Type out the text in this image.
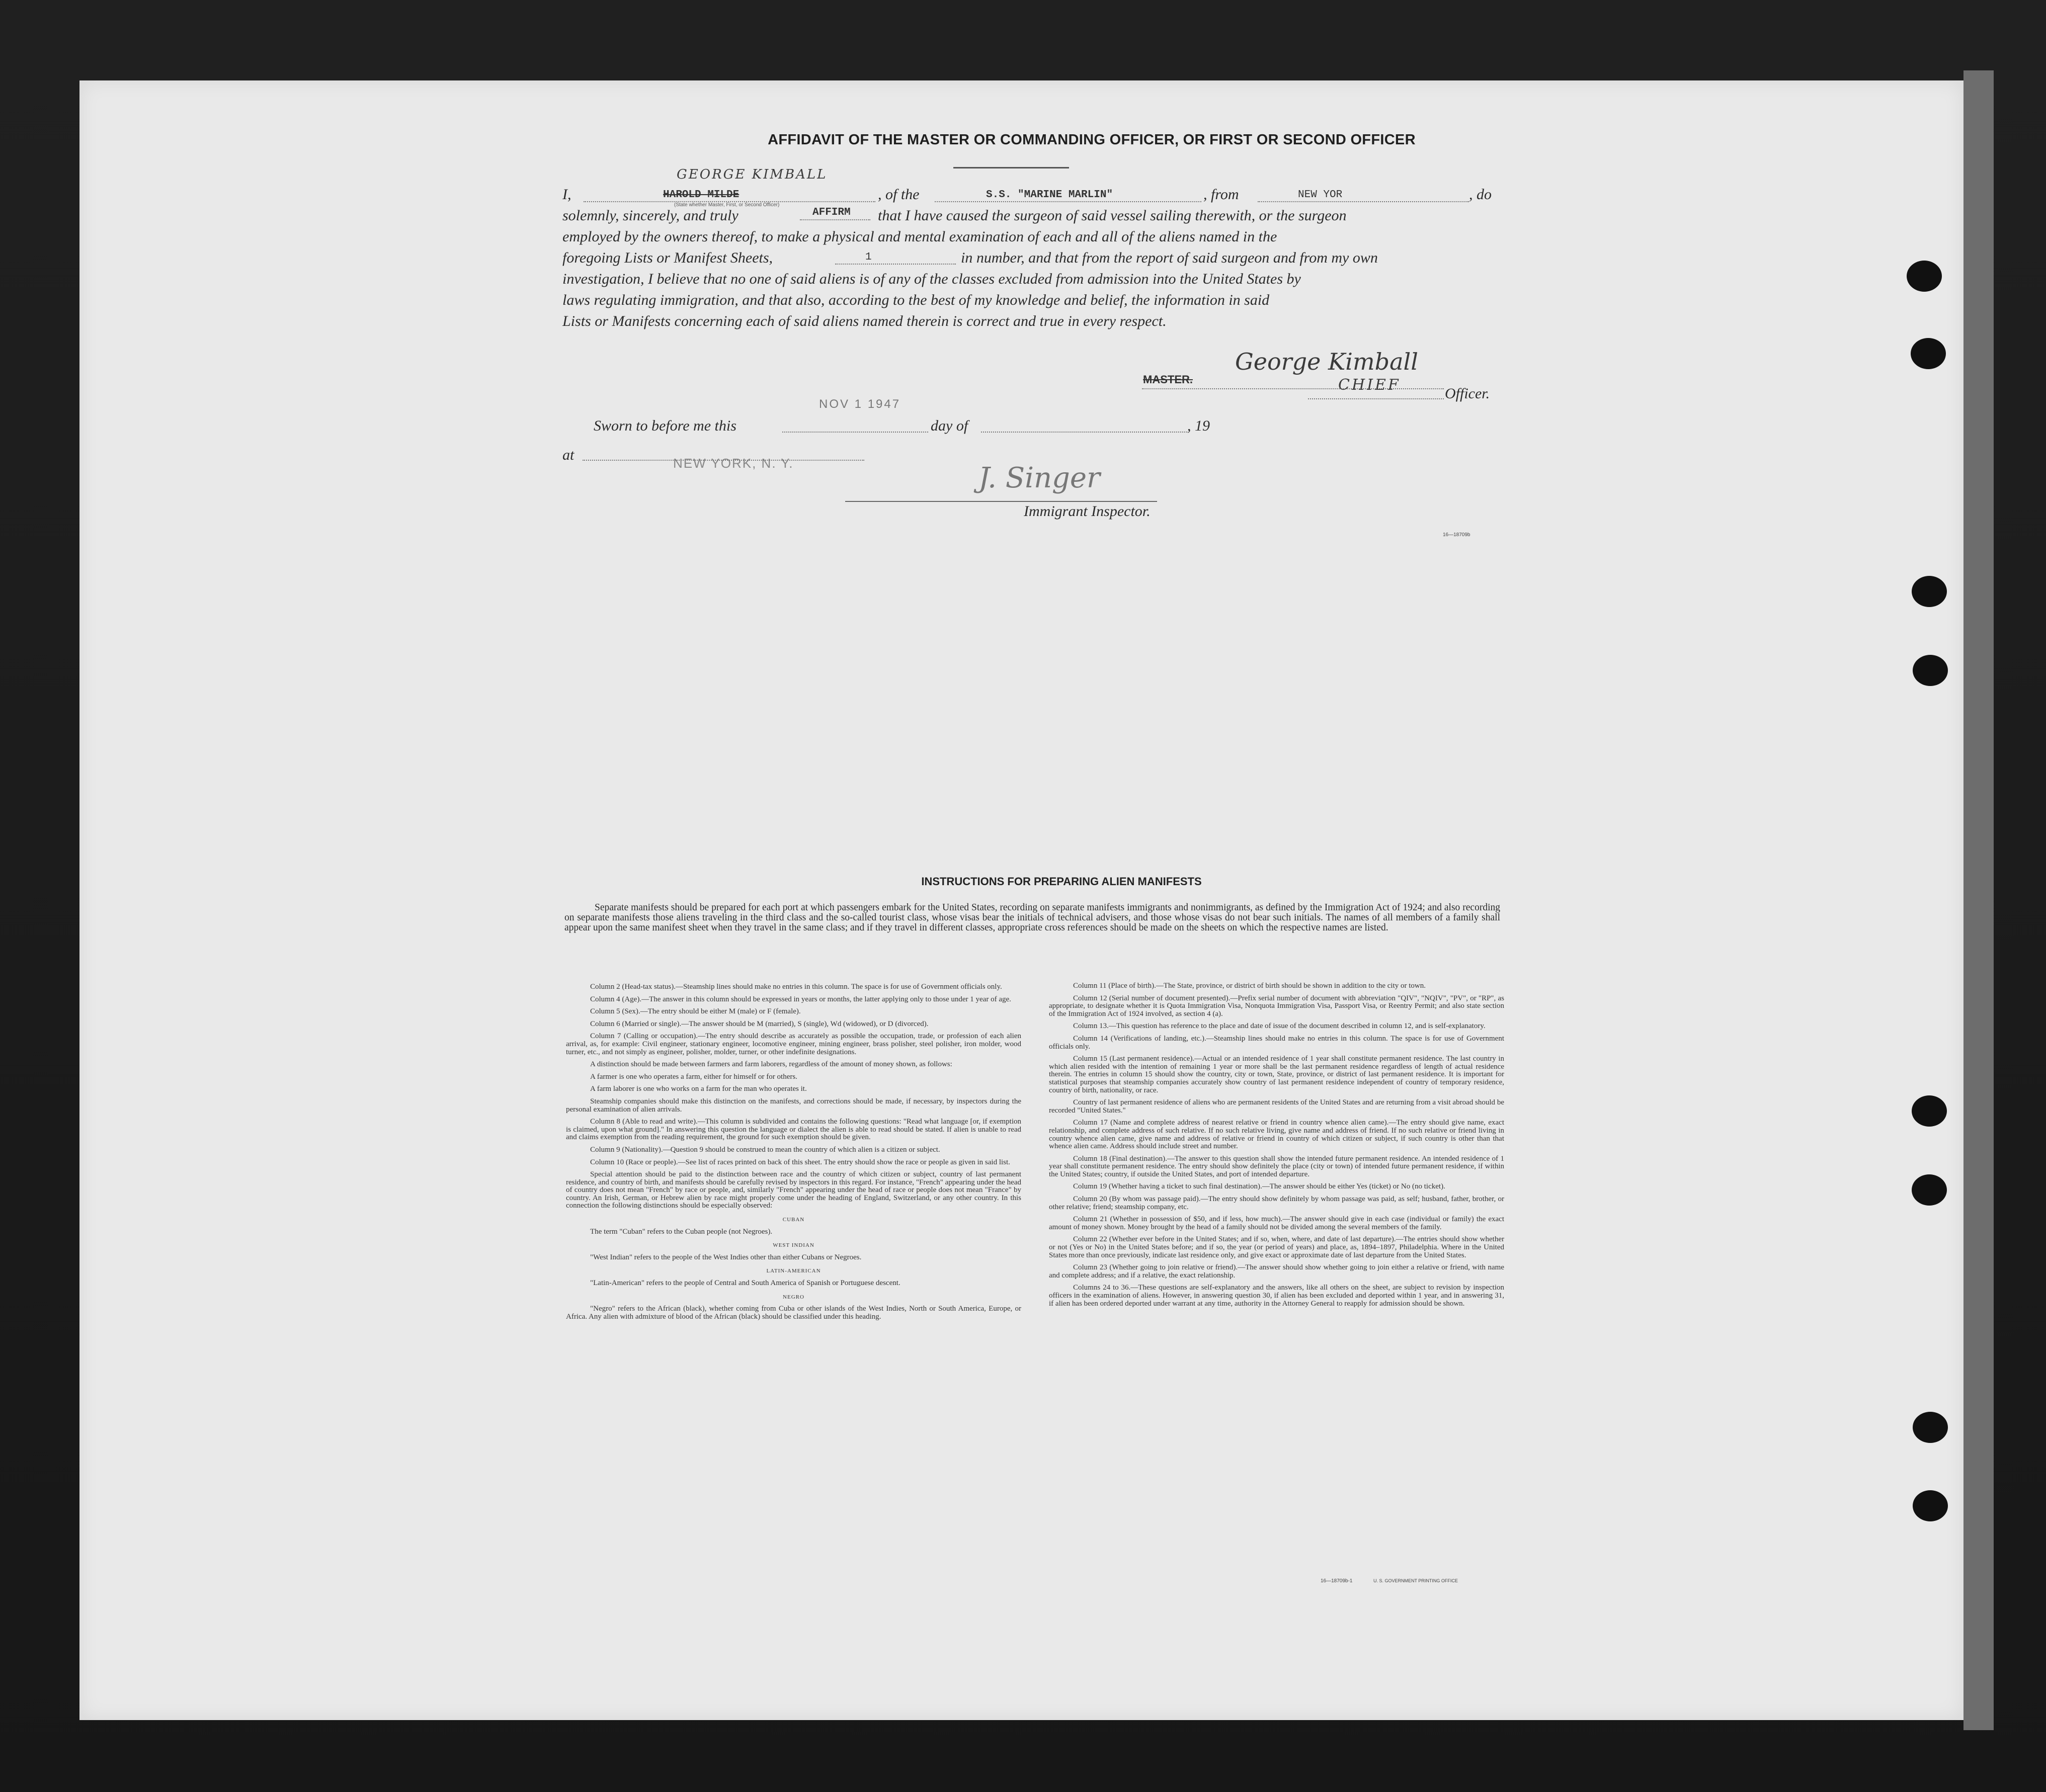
AFFIDAVIT OF THE MASTER OR COMMANDING OFFICER, OR FIRST OR SECOND OFFICER
I,
GEORGE KIMBALL
HAROLD MILDE	, of the	S.S. "MARINE MARLIN"	, from	NEW YOR	, do
(State whether Master, First, or Second Officer)
solemnly, sincerely, and truly	AFFIRM that I have caused the surgeon of said vessel sailing therewith, or the surgeon
employed by the owners thereof, to make a physical and mental examination of each and all of the aliens named in the
foregoing Lists or Manifest Sheets,	1	in number, and that from the report of said surgeon and from my own
investigation, I believe that no one of said aliens is of any of the classes excluded from admission into the United States by
laws regulating immigration, and that also, according to the best of my knowledge and belief, the information in said
Lists or Manifests concerning each of said aliens named therein is correct and true in every respect.
George Kimball
MASTER.	CHIEF	Officer.
NOV 1 1947
Sworn to before me this	day of	, 19
at	NEW YORK, N. Y.	J. Singer
Immigrant Inspector.
16—18709b
INSTRUCTIONS FOR PREPARING ALIEN MANIFESTS
Separate manifests should be prepared for each port at which passengers embark for the United States, recording on separate manifests immigrants and nonimmigrants, as defined by the Immigration Act of 1924; and also recording on separate manifests those aliens traveling in the third class and the so-called tourist class, whose visas bear the initials of technical advisers, and those whose visas do not bear such initials. The names of all members of a family shall appear upon the same manifest sheet when they travel in the same class; and if they travel in different classes, appropriate cross references should be made on the sheets on which the respective names are listed.

Column 2 (Head-tax status).—Steamship lines should make no entries in this column. The space is for use of Government officials only.

Column 4 (Age).—The answer in this column should be expressed in years or months, the latter applying only to those under 1 year of age.

Column 5 (Sex).—The entry should be either M (male) or F (female).

Column 6 (Married or single).—The answer should be M (married), S (single), Wd (widowed), or D (divorced).

Column 7 (Calling or occupation).—The entry should describe as accurately as possible the occupation, trade, or profession of each alien arrival, as, for example: Civil engineer, stationary engineer, locomotive engineer, mining engineer, brass polisher, steel polisher, iron molder, wood turner, etc., and not simply as engineer, polisher, molder, turner, or other indefinite designations.

A distinction should be made between farmers and farm laborers, regardless of the amount of money shown, as follows:

A farmer is one who operates a farm, either for himself or for others.

A farm laborer is one who works on a farm for the man who operates it.

Steamship companies should make this distinction on the manifests, and corrections should be made, if necessary, by inspectors during the personal examination of alien arrivals.

Column 8 (Able to read and write).—This column is subdivided and contains the following questions: "Read what language [or, if exemption is claimed, upon what ground]." In answering this question the language or dialect the alien is able to read should be stated. If alien is unable to read and claims exemption from the reading requirement, the ground for such exemption should be given.

Column 9 (Nationality).—Question 9 should be construed to mean the country of which alien is a citizen or subject.

Column 10 (Race or people).—See list of races printed on back of this sheet. The entry should show the race or people as given in said list.

Special attention should be paid to the distinction between race and the country of which citizen or subject, country of last permanent residence, and country of birth, and manifests should be carefully revised by inspectors in this regard. For instance, "French" appearing under the head of country does not mean "French" by race or people, and, similarly "French" appearing under the head of race or people does not mean "France" by country. An Irish, German, or Hebrew alien by race might properly come under the heading of England, Switzerland, or any other country. In this connection the following distinctions should be especially observed:

CUBAN

The term "Cuban" refers to the Cuban people (not Negroes).

WEST INDIAN

"West Indian" refers to the people of the West Indies other than either Cubans or Negroes.

LATIN-AMERICAN

"Latin-American" refers to the people of Central and South America of Spanish or Portuguese descent.

NEGRO

"Negro" refers to the African (black), whether coming from Cuba or other islands of the West Indies, North or South America, Europe, or Africa. Any alien with admixture of blood of the African (black) should be classified under this heading.

Column 11 (Place of birth).—The State, province, or district of birth should be shown in addition to the city or town.

Column 12 (Serial number of document presented).—Prefix serial number of document with abbreviation "QIV", "NQIV", "PV", or "RP", as appropriate, to designate whether it is Quota Immigration Visa, Nonquota Immigration Visa, Passport Visa, or Reentry Permit; and also state section of the Immigration Act of 1924 involved, as section 4 (a).

Column 13.—This question has reference to the place and date of issue of the document described in column 12, and is self-explanatory.

Column 14 (Verifications of landing, etc.).—Steamship lines should make no entries in this column. The space is for use of Government officials only.

Column 15 (Last permanent residence).—Actual or an intended residence of 1 year shall constitute permanent residence. The last country in which alien resided with the intention of remaining 1 year or more shall be the last permanent residence regardless of length of actual residence therein. The entries in column 15 should show the country, city or town, State, province, or district of last permanent residence. It is important for statistical purposes that steamship companies accurately show country of last permanent residence independent of country of temporary residence, country of birth, nationality, or race.

Country of last permanent residence of aliens who are permanent residents of the United States and are returning from a visit abroad should be recorded "United States."

Column 17 (Name and complete address of nearest relative or friend in country whence alien came).—The entry should give name, exact relationship, and complete address of such relative. If no such relative living, give name and address of friend. If no such relative or friend living in country whence alien came, give name and address of relative or friend in country of which citizen or subject, if such country is other than that whence alien came. Address should include street and number.

Column 18 (Final destination).—The answer to this question shall show the intended future permanent residence. An intended residence of 1 year shall constitute permanent residence. The entry should show definitely the place (city or town) of intended future permanent residence, if within the United States; country, if outside the United States, and port of intended departure.

Column 19 (Whether having a ticket to such final destination).—The answer should be either Yes (ticket) or No (no ticket).

Column 20 (By whom was passage paid).—The entry should show definitely by whom passage was paid, as self; husband, father, brother, or other relative; friend; steamship company, etc.

Column 21 (Whether in possession of $50, and if less, how much).—The answer should give in each case (individual or family) the exact amount of money shown. Money brought by the head of a family should not be divided among the several members of the family.

Column 22 (Whether ever before in the United States; and if so, when, where, and date of last departure).—The entries should show whether or not (Yes or No) in the United States before; and if so, the year (or period of years) and place, as, 1894–1897, Philadelphia. Where in the United States more than once previously, indicate last residence only, and give exact or approximate date of last departure from the United States.

Column 23 (Whether going to join relative or friend).—The answer should show whether going to join either a relative or friend, with name and complete address; and if a relative, the exact relationship.

Columns 24 to 36.—These questions are self-explanatory and the answers, like all others on the sheet, are subject to revision by inspection officers in the examination of aliens. However, in answering question 30, if alien has been excluded and deported within 1 year, and in answering 31, if alien has been ordered deported under warrant at any time, authority in the Attorney General to reapply for admission should be shown.

16—18709b-1	U. S. GOVERNMENT PRINTING OFFICE
